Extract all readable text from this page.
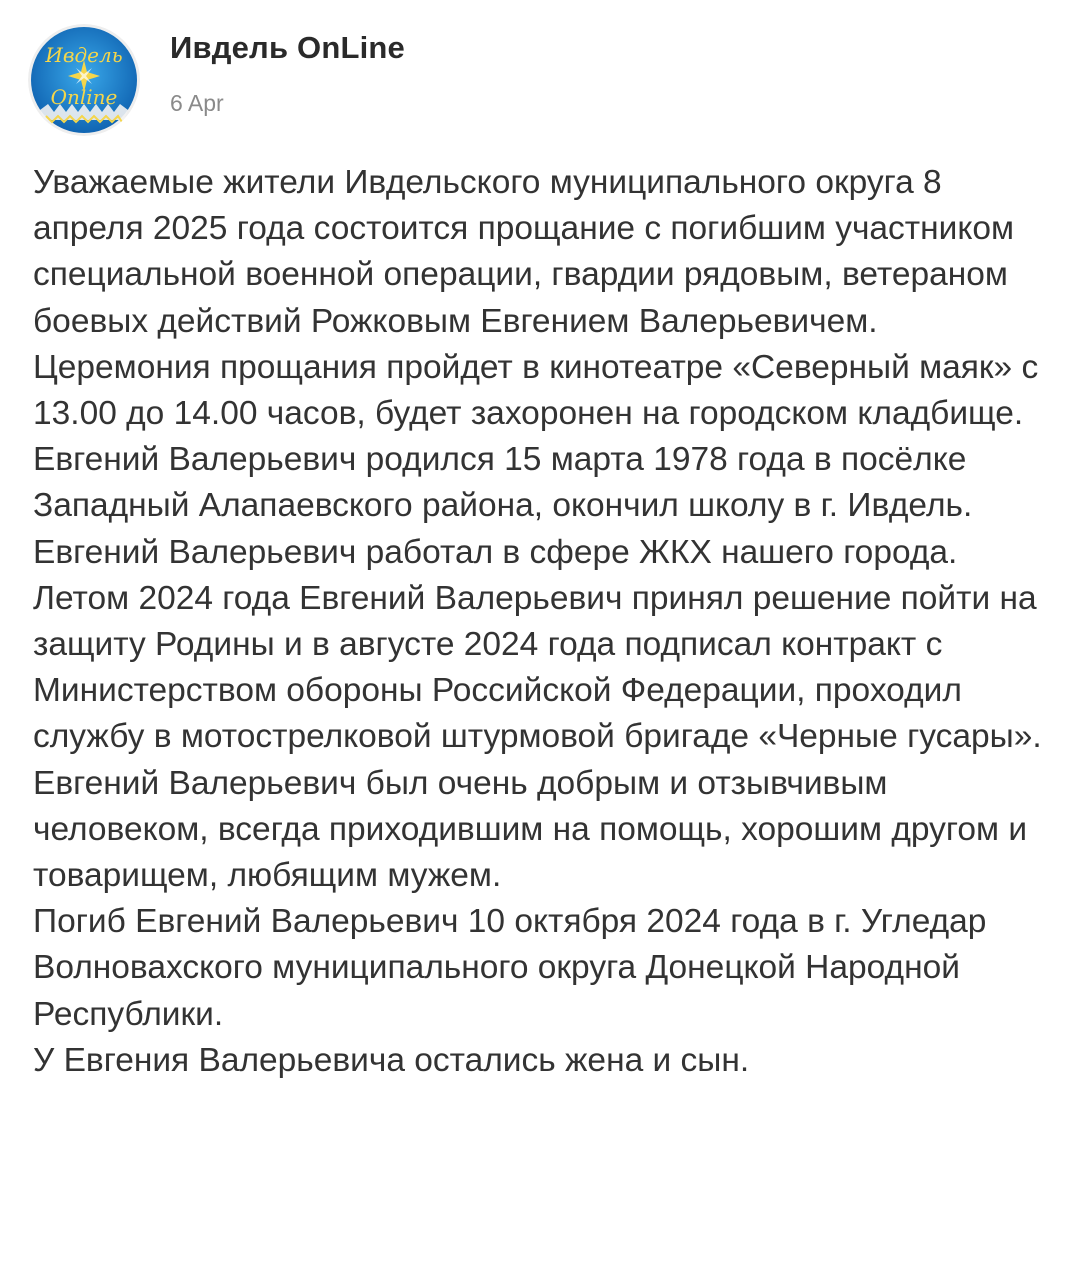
Ивдель
Online
Ивдель OnLine
6 Apr

Уважаемые жители Ивдельского муниципального округа 8 апреля 2025 года состоится прощание с погибшим участником специальной военной операции, гвардии рядовым, ветераном боевых действий Рожковым Евгением Валерьевичем. Церемония прощания пройдет в кинотеатре «Северный маяк» с 13.00 до 14.00 часов, будет захоронен на городском кладбище.

Евгений Валерьевич родился 15 марта 1978 года в посёлке Западный Алапаевского района, окончил школу в г. Ивдель. Евгений Валерьевич работал в сфере ЖКХ нашего города.

Летом 2024 года Евгений Валерьевич принял решение пойти на защиту Родины и в августе 2024 года подписал контракт с Министерством обороны Российской Федерации, проходил службу в мотострелковой штурмовой бригаде «Черные гусары».

Евгений Валерьевич был очень добрым и отзывчивым человеком, всегда приходившим на помощь, хорошим другом и товарищем, любящим мужем.

Погиб Евгений Валерьевич 10 октября 2024 года в г. Угледар Волновахского муниципального округа Донецкой Народной Республики.

У Евгения Валерьевича остались жена и сын.
